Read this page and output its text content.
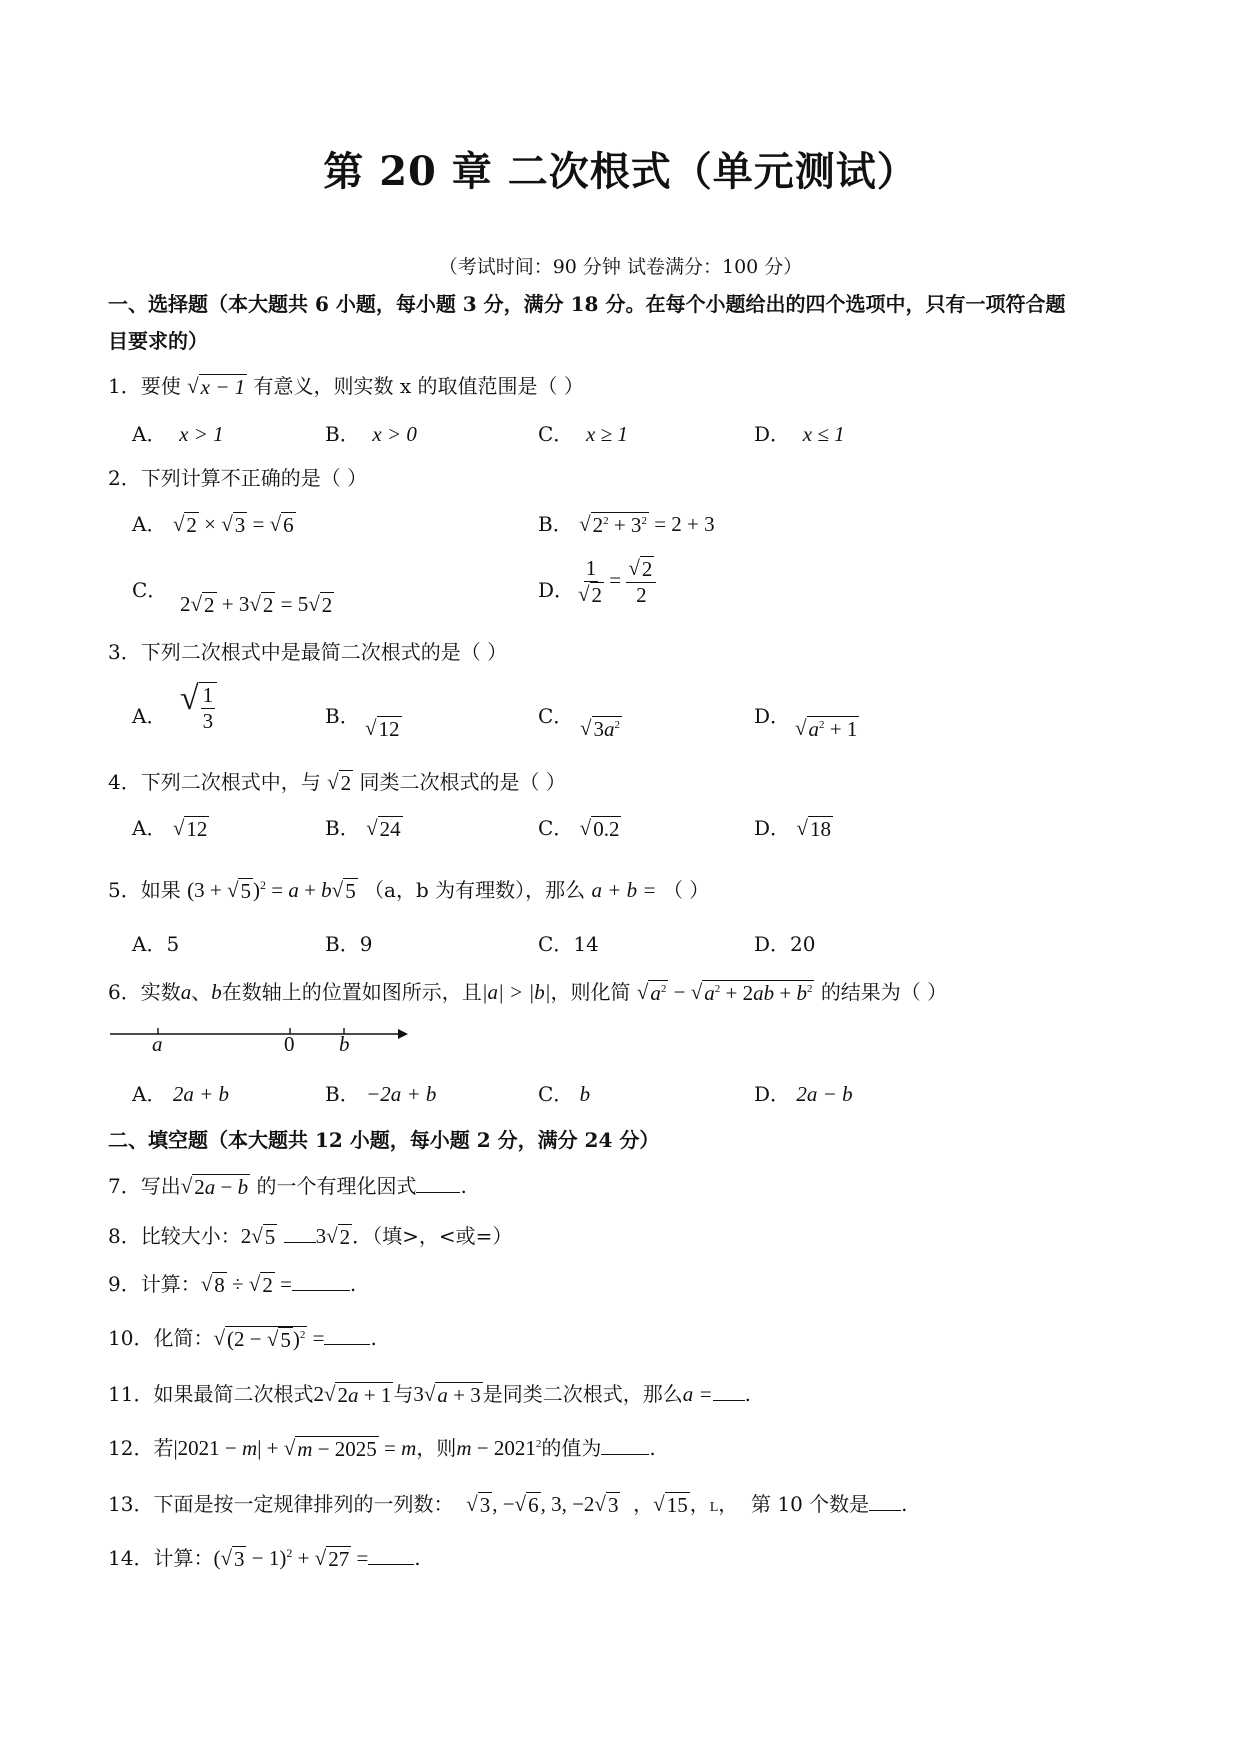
第 20 章 二次根式（单元测试）
（考试时间：90 分钟 试卷满分：100 分）
一、选择题（本大题共 6 小题，每小题 3 分，满分 18 分。在每个小题给出的四个选项中，只有一项符合题
目要求的）
1．要使 √ x − 1 有意义，则实数 x 的取值范围是（ ）
A． x > 1	B． x > 0	C． x ≥ 1	D． x ≤ 1
2．下列计算不正确的是（ ）
A． √ 2 × √ 3 = √ 6	B． √ $2^2 + 3^2 = 2 + 3$
C．
2 √ 2 + 3 √ 2 = 5 √ 2
D． $\frac{1}{√ 2} = \frac{√ 2}{2}$
3．下列二次根式中是最简二次根式的是（ ）
A． √ $\frac{1}{3}$	B． √ 12
C． √ $3a^2$	D． √ $a^2 + 1$
4．下列二次根式中，与 √ 2 同类二次根式的是（ ）
A． √ 12	B． √ 24	C． √ 0.2	D． √ 18
5．如果 (3 + √ 5 )$^2$ = a + b √ 5 （a，b 为有理数），那么 a + b = （ ）
A．5	B．9	C．14	D．20
6．实数a、b在数轴上的位置如图所示，且|a| > |b|，则化简 √ $a^2$ − √ $a^2 + 2ab + b^2$ 的结果为（ ）
a	0 b
A． 2a + b	B． −2a + b	C． b	D． 2a − b
二、填空题（本大题共 12 小题，每小题 2 分，满分 24 分）
7．写出 √ 2a − b 的一个有理化因式 .
8．比较大小：2 √ 5 3 √ 2 ．（填>，<或=）
9．计算： √ 8 ÷ √ 2 =	.
10．化简： √ (2 − √ 5 )$^2$ = .
11．如果最简二次根式2 √ 2a + 1 与3 √ a + 3 是同类二次根式，那么a = .
12．若|2021 − m| + √ m − 2025 = m，则$m - 2021^2$的值为 .
13．下面是按一定规律排列的一列数： √ 3 , − √ 6 , 3, −2 √ 3 ， √ 15 ，L，  第 10 个数是 .
14．计算：( √ 3 − 1)$^2$ + √ 27 = .
